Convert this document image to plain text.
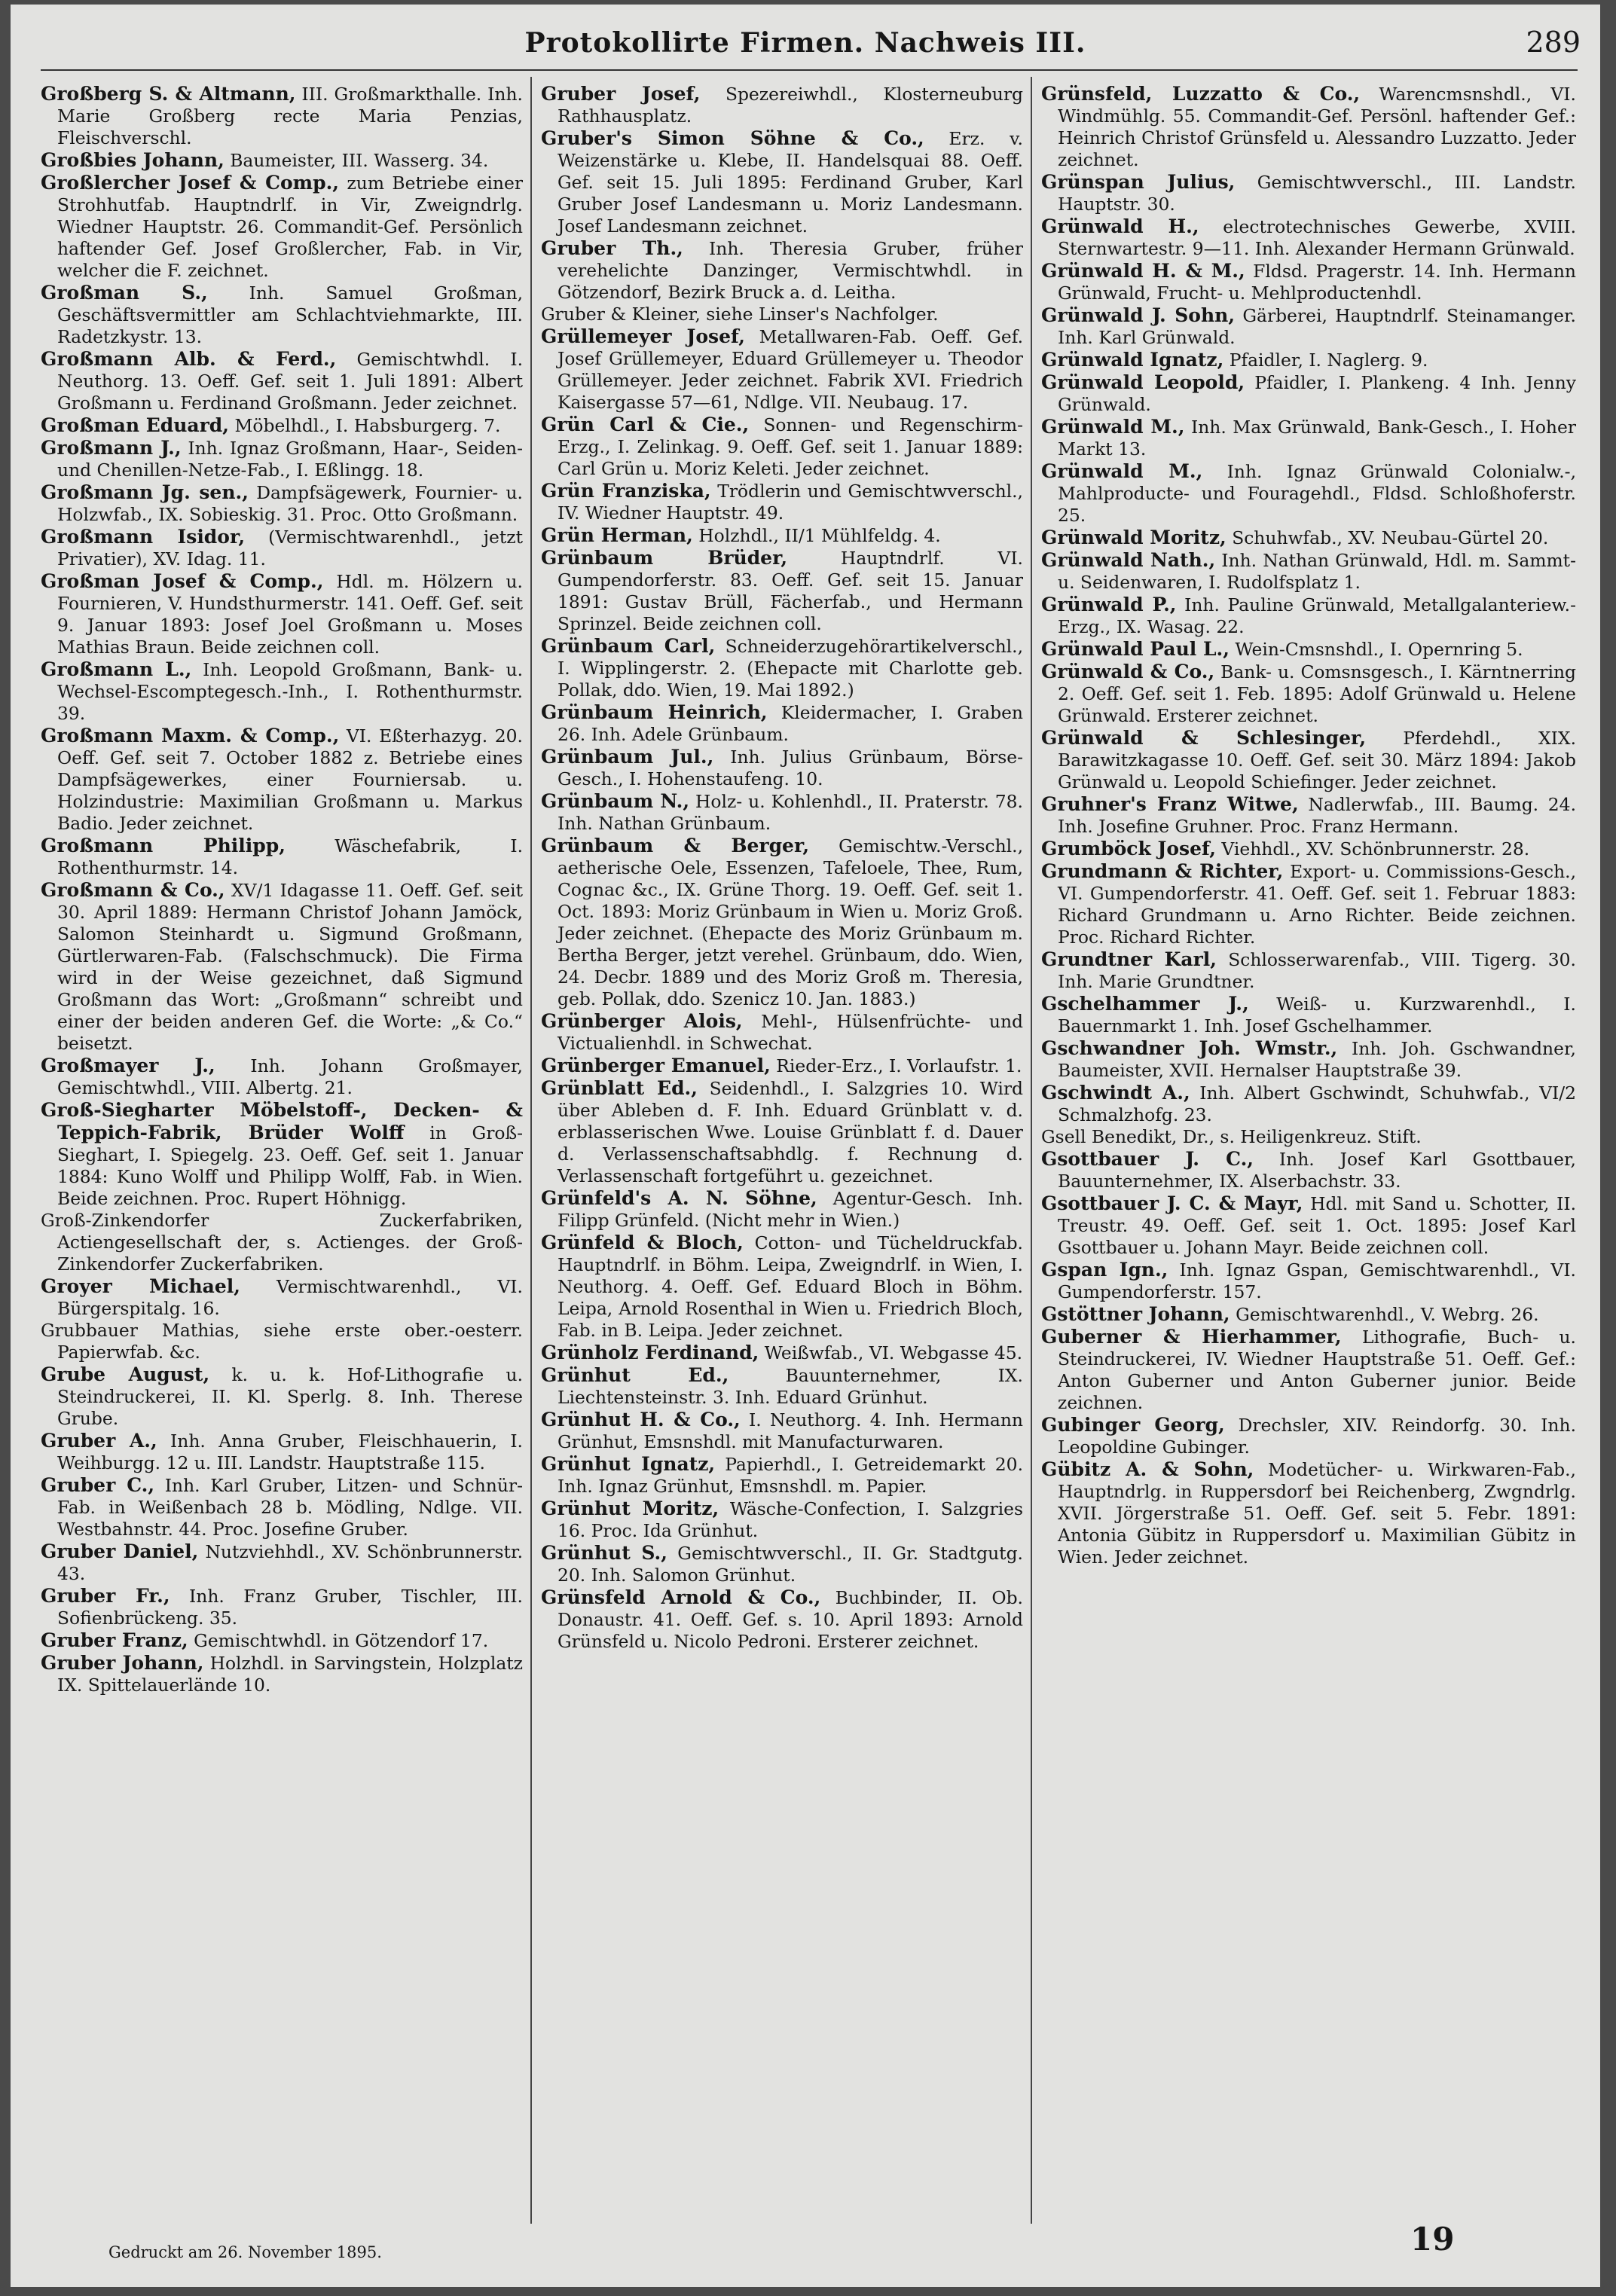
Protokollirte Firmen. Nachweis III.	289
Großberg S. & Altmann, III. Großmarkthalle. Inh. Marie Großberg recte Maria Penzias, Fleischverschl.
Großbies Johann, Baumeister, III. Wasserg. 34.
Großlercher Josef & Comp., zum Betriebe einer Strohhutfab. Hauptndrlf. in Vir, Zweigndrlg. Wiedner Hauptstr. 26. Commandit-Gef. Persönlich haftender Gef. Josef Großlercher, Fab. in Vir, welcher die F. zeichnet.
Großman S., Inh. Samuel Großman, Geschäftsvermittler am Schlachtviehmarkte, III. Radetzkystr. 13.
Großmann Alb. & Ferd., Gemischtwhdl. I. Neuthorg. 13. Oeff. Gef. seit 1. Juli 1891: Albert Großmann u. Ferdinand Großmann. Jeder zeichnet.
Großman Eduard, Möbelhdl., I. Habsburgerg. 7.
Großmann J., Inh. Ignaz Großmann, Haar-, Seiden- und Chenillen-Netze-Fab., I. Eßlingg. 18.
Großmann Jg. sen., Dampfsägewerk, Fournier- u. Holzwfab., IX. Sobieskig. 31. Proc. Otto Großmann.
Großmann Isidor, (Vermischtwarenhdl., jetzt Privatier), XV. Idag. 11.
Großman Josef & Comp., Hdl. m. Hölzern u. Fournieren, V. Hundsthurmerstr. 141. Oeff. Gef. seit 9. Januar 1893: Josef Joel Großmann u. Moses Mathias Braun. Beide zeichnen coll.
Großmann L., Inh. Leopold Großmann, Bank- u. Wechsel-Escomptegesch.-Inh., I. Rothenthurmstr. 39.
Großmann Maxm. & Comp., VI. Eßterhazyg. 20. Oeff. Gef. seit 7. October 1882 z. Betriebe eines Dampfsägewerkes, einer Fourniersab. u. Holzindustrie: Maximilian Großmann u. Markus Badio. Jeder zeichnet.
Großmann Philipp,	Wäschefabrik, I. Rothenthurmstr. 14.
Großmann & Co., XV/1 Idagasse 11. Oeff. Gef. seit 30. April 1889: Hermann Christof Johann Jamöck, Salomon Steinhardt u. Sigmund Großmann, Gürtlerwaren-Fab. (Falschschmuck). Die Firma wird in der Weise gezeichnet, daß Sigmund Großmann das Wort: „Großmann“ schreibt und einer der beiden anderen Gef. die Worte: „& Co.“ beisetzt.
Großmayer J., Inh. Johann Großmayer, Gemischtwhdl., VIII. Albertg. 21.
Groß-Siegharter Möbelstoff-, Decken- & Teppich-Fabrik, Brüder Wolff in Groß-Sieghart, I. Spiegelg. 23. Oeff. Gef. seit 1. Januar 1884: Kuno Wolff und Philipp Wolff, Fab. in Wien. Beide zeichnen. Proc. Rupert Höhnigg.
Groß-Zinkendorfer Zuckerfabriken, Actiengesellschaft der, s. Actienges. der Groß-Zinkendorfer Zuckerfabriken.
Groyer Michael, Vermischtwarenhdl., VI. Bürgerspitalg. 16.
Grubbauer Mathias, siehe erste ober.-oesterr. Papierwfab. &c.
Grube August, k. u. k. Hof-Lithografie u. Steindruckerei, II. Kl. Sperlg. 8. Inh. Therese Grube.
Gruber A., Inh. Anna Gruber, Fleischhauerin, I. Weihburgg. 12 u. III. Landstr. Hauptstraße 115.
Gruber C., Inh. Karl Gruber, Litzen- und Schnür-Fab. in Weißenbach 28 b. Mödling, Ndlge. VII. Westbahnstr. 44. Proc. Josefine Gruber.
Gruber Daniel, Nutzviehhdl., XV. Schönbrunnerstr. 43.
Gruber Fr., Inh. Franz Gruber, Tischler, III. Sofienbrückeng. 35.
Gruber Franz, Gemischtwhdl. in Götzendorf 17.
Gruber Johann, Holzhdl. in Sarvingstein, Holzplatz IX. Spittelauerlände 10.
Gruber Josef, Spezereiwhdl., Klosterneuburg Rathhausplatz.
Gruber's Simon Söhne & Co., Erz. v. Weizenstärke u. Klebe, II. Handelsquai 88. Oeff. Gef. seit 15. Juli 1895: Ferdinand Gruber, Karl Gruber Josef Landesmann u. Moriz Landesmann. Josef Landesmann zeichnet.
Gruber Th., Inh. Theresia Gruber, früher verehelichte Danzinger, Vermischtwhdl. in Götzendorf, Bezirk Bruck a. d. Leitha.
Gruber & Kleiner, siehe Linser's Nachfolger.
Grüllemeyer Josef, Metallwaren-Fab. Oeff. Gef. Josef Grüllemeyer, Eduard Grüllemeyer u. Theodor Grüllemeyer. Jeder zeichnet. Fabrik XVI. Friedrich Kaisergasse 57—61, Ndlge. VII. Neubaug. 17.
Grün Carl & Cie., Sonnen- und Regenschirm-Erzg., I. Zelinkag. 9. Oeff. Gef. seit 1. Januar 1889: Carl Grün u. Moriz Keleti. Jeder zeichnet.
Grün Franziska, Trödlerin und Gemischtwverschl., IV. Wiedner Hauptstr. 49.
Grün Herman, Holzhdl., II/1 Mühlfeldg. 4.
Grünbaum Brüder,	Hauptndrlf. VI. Gumpendorferstr. 83. Oeff. Gef. seit 15. Januar 1891: Gustav Brüll, Fächerfab., und Hermann Sprinzel. Beide zeichnen coll.
Grünbaum Carl, Schneiderzugehörartikelverschl., I. Wipplingerstr. 2. (Ehepacte mit Charlotte geb. Pollak, ddo. Wien, 19. Mai 1892.)
Grünbaum Heinrich, Kleidermacher, I. Graben 26. Inh. Adele Grünbaum.
Grünbaum Jul., Inh. Julius Grünbaum, Börse-Gesch., I. Hohenstaufeng. 10.
Grünbaum N., Holz- u. Kohlenhdl., II. Praterstr. 78. Inh. Nathan Grünbaum.
Grünbaum & Berger, Gemischtw.-Verschl., aetherische Oele, Essenzen, Tafeloele, Thee, Rum, Cognac &c., IX. Grüne Thorg. 19. Oeff. Gef. seit 1. Oct. 1893: Moriz Grünbaum in Wien u. Moriz Groß. Jeder zeichnet. (Ehepacte des Moriz Grünbaum m. Bertha Berger, jetzt verehel. Grünbaum, ddo. Wien, 24. Decbr. 1889 und des Moriz Groß m. Theresia, geb. Pollak, ddo. Szenicz 10. Jan. 1883.)
Grünberger Alois, Mehl-, Hülsenfrüchte- und Victualienhdl. in Schwechat.
Grünberger Emanuel, Rieder-Erz., I. Vorlaufstr. 1.
Grünblatt Ed., Seidenhdl., I. Salzgries 10. Wird über Ableben d. F. Inh. Eduard Grünblatt v. d. erblasserischen Wwe. Louise Grünblatt f. d. Dauer d. Verlassenschaftsabhdlg. f. Rechnung d. Verlassenschaft fortgeführt u. gezeichnet.
Grünfeld's A. N. Söhne, Agentur-Gesch. Inh. Filipp Grünfeld. (Nicht mehr in Wien.)
Grünfeld & Bloch, Cotton- und Tücheldruckfab. Hauptndrlf. in Böhm. Leipa, Zweigndrlf. in Wien, I. Neuthorg. 4. Oeff. Gef. Eduard Bloch in Böhm. Leipa, Arnold Rosenthal in Wien u. Friedrich Bloch, Fab. in B. Leipa. Jeder zeichnet.
Grünholz Ferdinand, Weißwfab., VI. Webgasse 45.
Grünhut Ed.,	Bauunternehmer, IX. Liechtensteinstr. 3. Inh. Eduard Grünhut.
Grünhut H. & Co., I. Neuthorg. 4. Inh. Hermann Grünhut, Emsnshdl. mit Manufacturwaren.
Grünhut Ignatz, Papierhdl., I. Getreidemarkt 20. Inh. Ignaz Grünhut, Emsnshdl. m. Papier.
Grünhut Moritz, Wäsche-Confection, I. Salzgries 16. Proc. Ida Grünhut.
Grünhut S., Gemischtwverschl., II. Gr. Stadtgutg. 20. Inh. Salomon Grünhut.
Grünsfeld Arnold & Co., Buchbinder, II. Ob. Donaustr. 41. Oeff. Gef. s. 10. April 1893: Arnold Grünsfeld u. Nicolo Pedroni. Ersterer zeichnet.
Grünsfeld, Luzzatto & Co., Warencmsnshdl., VI. Windmühlg. 55. Commandit-Gef. Persönl. haftender Gef.: Heinrich Christof Grünsfeld u. Alessandro Luzzatto. Jeder zeichnet.
Grünspan Julius, Gemischtwverschl., III. Landstr. Hauptstr. 30.
Grünwald H., electrotechnisches Gewerbe, XVIII. Sternwartestr. 9—11. Inh. Alexander Hermann Grünwald.
Grünwald H. & M., Fldsd. Pragerstr. 14. Inh. Hermann Grünwald, Frucht- u. Mehlproductenhdl.
Grünwald J. Sohn, Gärberei, Hauptndrlf. Steinamanger. Inh. Karl Grünwald.
Grünwald Ignatz, Pfaidler, I. Naglerg. 9.
Grünwald Leopold, Pfaidler, I. Plankeng. 4 Inh. Jenny Grünwald.
Grünwald M., Inh. Max Grünwald, Bank-Gesch., I. Hoher Markt 13.
Grünwald M., Inh. Ignaz Grünwald Colonialw.-, Mahlproducte- und Fouragehdl., Fldsd. Schloßhoferstr. 25.
Grünwald Moritz, Schuhwfab., XV. Neubau-Gürtel 20.
Grünwald Nath., Inh. Nathan Grünwald, Hdl. m. Sammt- u. Seidenwaren, I. Rudolfsplatz 1.
Grünwald P., Inh. Pauline Grünwald, Metallgalanteriew.-Erzg., IX. Wasag. 22.
Grünwald Paul L., Wein-Cmsnshdl., I. Opernring 5.
Grünwald & Co., Bank- u. Comsnsgesch., I. Kärntnerring 2. Oeff. Gef. seit 1. Feb. 1895: Adolf Grünwald u. Helene Grünwald. Ersterer zeichnet.
Grünwald & Schlesinger, Pferdehdl., XIX. Barawitzkagasse 10. Oeff. Gef. seit 30. März 1894: Jakob Grünwald u. Leopold Schiefinger. Jeder zeichnet.
Gruhner's Franz Witwe, Nadlerwfab., III. Baumg. 24. Inh. Josefine Gruhner. Proc. Franz Hermann.
Grumböck Josef, Viehhdl., XV. Schönbrunnerstr. 28.
Grundmann & Richter, Export- u. Commissions-Gesch., VI. Gumpendorferstr. 41. Oeff. Gef. seit 1. Februar 1883: Richard Grundmann u. Arno Richter. Beide zeichnen. Proc. Richard Richter.
Grundtner Karl, Schlosserwarenfab., VIII. Tigerg. 30. Inh. Marie Grundtner.
Gschelhammer J., Weiß- u. Kurzwarenhdl., I. Bauernmarkt 1. Inh. Josef Gschelhammer.
Gschwandner Joh. Wmstr., Inh. Joh. Gschwandner, Baumeister, XVII. Hernalser Hauptstraße 39.
Gschwindt A., Inh. Albert Gschwindt, Schuhwfab., VI/2 Schmalzhofg. 23.
Gsell Benedikt, Dr., s. Heiligenkreuz. Stift.
Gsottbauer J. C., Inh. Josef Karl Gsottbauer, Bauunternehmer, IX. Alserbachstr. 33.
Gsottbauer J. C. & Mayr, Hdl. mit Sand u. Schotter, II. Treustr. 49. Oeff. Gef. seit 1. Oct. 1895: Josef Karl Gsottbauer u. Johann Mayr. Beide zeichnen coll.
Gspan Ign., Inh. Ignaz Gspan, Gemischtwarenhdl., VI. Gumpendorferstr. 157.
Gstöttner Johann, Gemischtwarenhdl., V. Webrg. 26.
Guberner & Hierhammer, Lithografie, Buch- u. Steindruckerei, IV. Wiedner Hauptstraße 51. Oeff. Gef.: Anton Guberner und Anton Guberner junior. Beide zeichnen.
Gubinger Georg, Drechsler, XIV. Reindorfg. 30. Inh. Leopoldine Gubinger.
Gübitz A. & Sohn, Modetücher- u. Wirkwaren-Fab., Hauptndrlg. in Ruppersdorf bei Reichenberg, Zwgndrlg. XVII. Jörgerstraße 51. Oeff. Gef. seit 5. Febr. 1891: Antonia Gübitz in Ruppersdorf u. Maximilian Gübitz in Wien. Jeder zeichnet.
Gedruckt am 26. November 1895.	19
